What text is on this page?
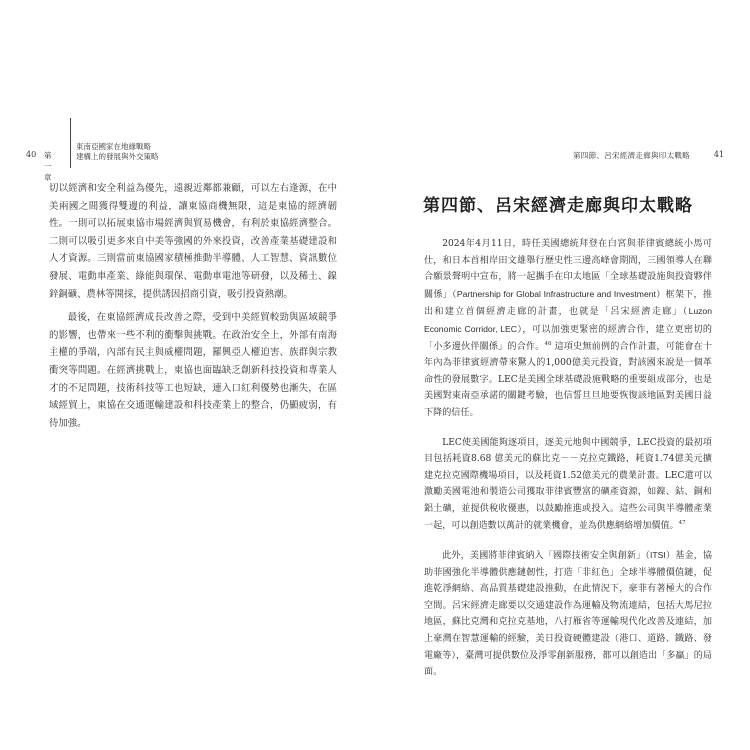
40 第一章
東南亞國家在地緣戰略
建構上的發展與外交策略

切以經濟和安全利益為優先，遠親近鄰都兼顧，可以左右逢源，在中美兩國之間獲得雙邊的利益，讓東協商機無限，這是東協的經濟韌性。一則可以拓展東協市場經濟與貿易機會，有利於東協經濟整合。二則可以吸引更多來自中美等強國的外來投資，改善產業基礎建設和人才資源。三則當前東協國家積極推動半導體、人工智慧、資訊數位發展、電動車產業、綠能與環保、電動車電池等研發，以及稀土、鎳鋅銅礦、農林等開採，提供誘因招商引資，吸引投資熱潮。

最後，在東協經濟成長改善之際，受到中美經貿較勁與區域競爭的影響，也帶來一些不利的衝擊與挑戰。在政治安全上，外部有南海主權的爭端，內部有民主與威權問題，羅興亞人權迫害、族群與宗教衝突等問題。在經濟挑戰上，東協也面臨缺乏創新科技投資和專業人才的不足問題，技術科技等工也短缺，連入口紅利優勢也漸失，在區域經貿上，東協在交通運輸建設和科技產業上的整合，仍顯疲弱，有待加強。

第四節、呂宋經濟走廊與印太戰略	41
第四節、呂宋經濟走廊與印太戰略

2024年4月11日，時任美國總統拜登在白宮與菲律賓總統小馬可仕，和日本首相岸田文雄舉行歷史性三邊高峰會期間，三國領導人在聯合願景聲明中宣布，將一起攜手在印太地區「全球基礎設施與投資夥伴關係」（Partnership for Global Infrastructure and Investment）框架下，推出和建立首個經濟走廊的計畫，也就是「呂宋經濟走廊」（Luzon Economic Corridor, LEC），可以加強更緊密的經濟合作，建立更密切的「小多邊伙伴關係」的合作。$^{46}$ 這項史無前例的合作計畫，可能會在十年內為菲律賓經濟帶來驚人的1,000億美元投資，對該國來說是一個革命性的發展數字。LEC是美國全球基礎設施戰略的重要組成部分，也是美國對東南亞承諾的關鍵考驗，也信誓旦旦地要恢復該地區對美國日益下降的信任。

LEC使美國能夠逐項目，逐美元地與中國競爭，LEC投資的最初項目包括耗資8.68 億美元的蘇比克－－克拉克鐵路，耗資1.74億美元擴建克拉克國際機場項目，以及耗資1.52億美元的農業計畫。LEC還可以激勵美國電池和製造公司獲取菲律賓豐富的礦產資源，如鎳、鈷、銅和鋁土礦，並提供稅收優惠，以鼓勵推進或投入。這些公司與半導體產業一起，可以創造數以萬計的就業機會，並為供應網絡增加價值。$^{47}$

此外，美國將菲律賓納入「國際技術安全與創新」（ITSI）基金，協助菲國強化半導體供應鏈韌性，打造「非紅色」全球半導體價值鏈，促進乾淨網絡、高品質基礎建設推動，在此情況下，豪菲有著極大的合作空間。呂宋經濟走廊要以交通建設作為運輸及物流連結，包括大馬尼拉地區，蘇比克灣和克拉克基地，八打雁省等運輸現代化改善及連結，加上豪灣在智慧運輸的經驗，美日投資硬體建設（港口、道路、鐵路、發電廠等），臺灣可提供數位及淨零創新服務，都可以創造出「多贏」的局面。
